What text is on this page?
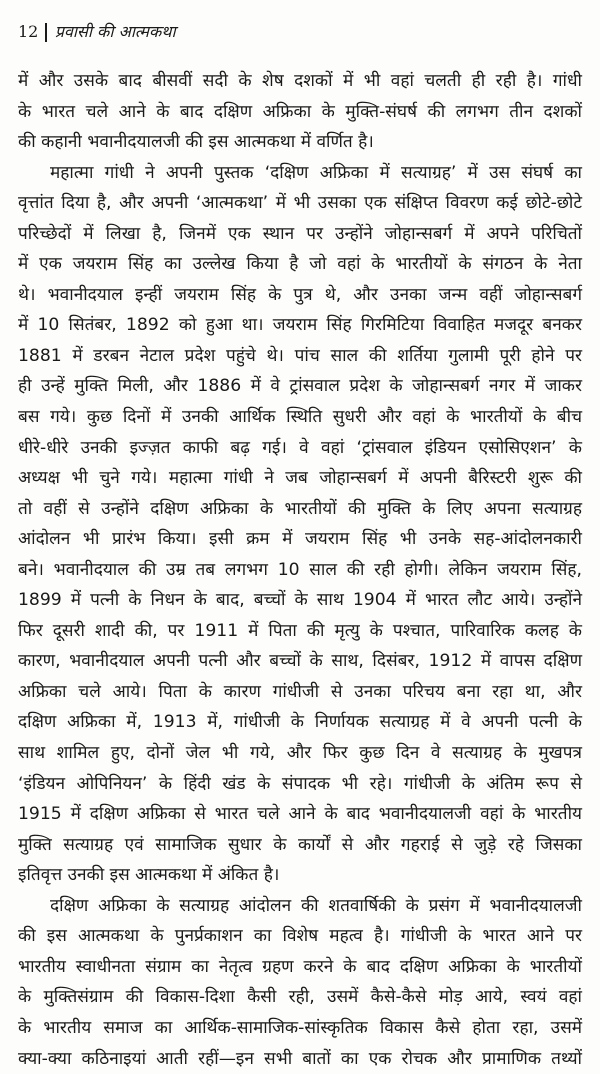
12 प्रवासी की आत्मकथा
में और उसके बाद बीसवीं सदी के शेष दशकों में भी वहां चलती ही रही है। गांधी
के भारत चले आने के बाद दक्षिण अफ्रिका के मुक्ति-संघर्ष की लगभग तीन दशकों
की कहानी भवानीदयालजी की इस आत्मकथा में वर्णित है।
महात्मा गांधी ने अपनी पुस्तक ‘दक्षिण अफ्रिका में सत्याग्रह’ में उस संघर्ष का
वृत्तांत दिया है, और अपनी ‘आत्मकथा’ में भी उसका एक संक्षिप्त विवरण कई छोटे-छोटे
परिच्छेदों में लिखा है, जिनमें एक स्थान पर उन्होंने जोहान्सबर्ग में अपने परिचितों
में एक जयराम सिंह का उल्लेख किया है जो वहां के भारतीयों के संगठन के नेता
थे। भवानीदयाल इन्हीं जयराम सिंह के पुत्र थे, और उनका जन्म वहीं जोहान्सबर्ग
में 10 सितंबर, 1892 को हुआ था। जयराम सिंह गिरमिटिया विवाहित मजदूर बनकर
1881 में डरबन नेटाल प्रदेश पहुंचे थे। पांच साल की शर्तिया गुलामी पूरी होने पर
ही उन्हें मुक्ति मिली, और 1886 में वे ट्रांसवाल प्रदेश के जोहान्सबर्ग नगर में जाकर
बस गये। कुछ दिनों में उनकी आर्थिक स्थिति सुधरी और वहां के भारतीयों के बीच
धीरे-धीरे उनकी इज्ज़त काफी बढ़ गई। वे वहां ‘ट्रांसवाल इंडियन एसोसिएशन’ के
अध्यक्ष भी चुने गये। महात्मा गांधी ने जब जोहान्सबर्ग में अपनी बैरिस्टरी शुरू की
तो वहीं से उन्होंने दक्षिण अफ्रिका के भारतीयों की मुक्ति के लिए अपना सत्याग्रह
आंदोलन भी प्रारंभ किया। इसी क्रम में जयराम सिंह भी उनके सह-आंदोलनकारी
बने। भवानीदयाल की उम्र तब लगभग 10 साल की रही होगी। लेकिन जयराम सिंह,
1899 में पत्नी के निधन के बाद, बच्चों के साथ 1904 में भारत लौट आये। उन्होंने
फिर दूसरी शादी की, पर 1911 में पिता की मृत्यु के पश्चात, पारिवारिक कलह के
कारण, भवानीदयाल अपनी पत्नी और बच्चों के साथ, दिसंबर, 1912 में वापस दक्षिण
अफ्रिका चले आये। पिता के कारण गांधीजी से उनका परिचय बना रहा था, और
दक्षिण अफ्रिका में, 1913 में, गांधीजी के निर्णायक सत्याग्रह में वे अपनी पत्नी के
साथ शामिल हुए, दोनों जेल भी गये, और फिर कुछ दिन वे सत्याग्रह के मुखपत्र
‘इंडियन ओपिनियन’ के हिंदी खंड के संपादक भी रहे। गांधीजी के अंतिम रूप से
1915 में दक्षिण अफ्रिका से भारत चले आने के बाद भवानीदयालजी वहां के भारतीय
मुक्ति सत्याग्रह एवं सामाजिक सुधार के कार्यों से और गहराई से जुड़े रहे जिसका
इतिवृत्त उनकी इस आत्मकथा में अंकित है।
दक्षिण अफ्रिका के सत्याग्रह आंदोलन की शतवार्षिकी के प्रसंग में भवानीदयालजी
की इस आत्मकथा के पुनर्प्रकाशन का विशेष महत्व है। गांधीजी के भारत आने पर
भारतीय स्वाधीनता संग्राम का नेतृत्व ग्रहण करने के बाद दक्षिण अफ्रिका के भारतीयों
के मुक्तिसंग्राम की विकास-दिशा कैसी रही, उसमें कैसे-कैसे मोड़ आये, स्वयं वहां
के भारतीय समाज का आर्थिक-सामाजिक-सांस्कृतिक विकास कैसे होता रहा, उसमें
क्या-क्या कठिनाइयां आती रहीं—इन सभी बातों का एक रोचक और प्रामाणिक तथ्यों
